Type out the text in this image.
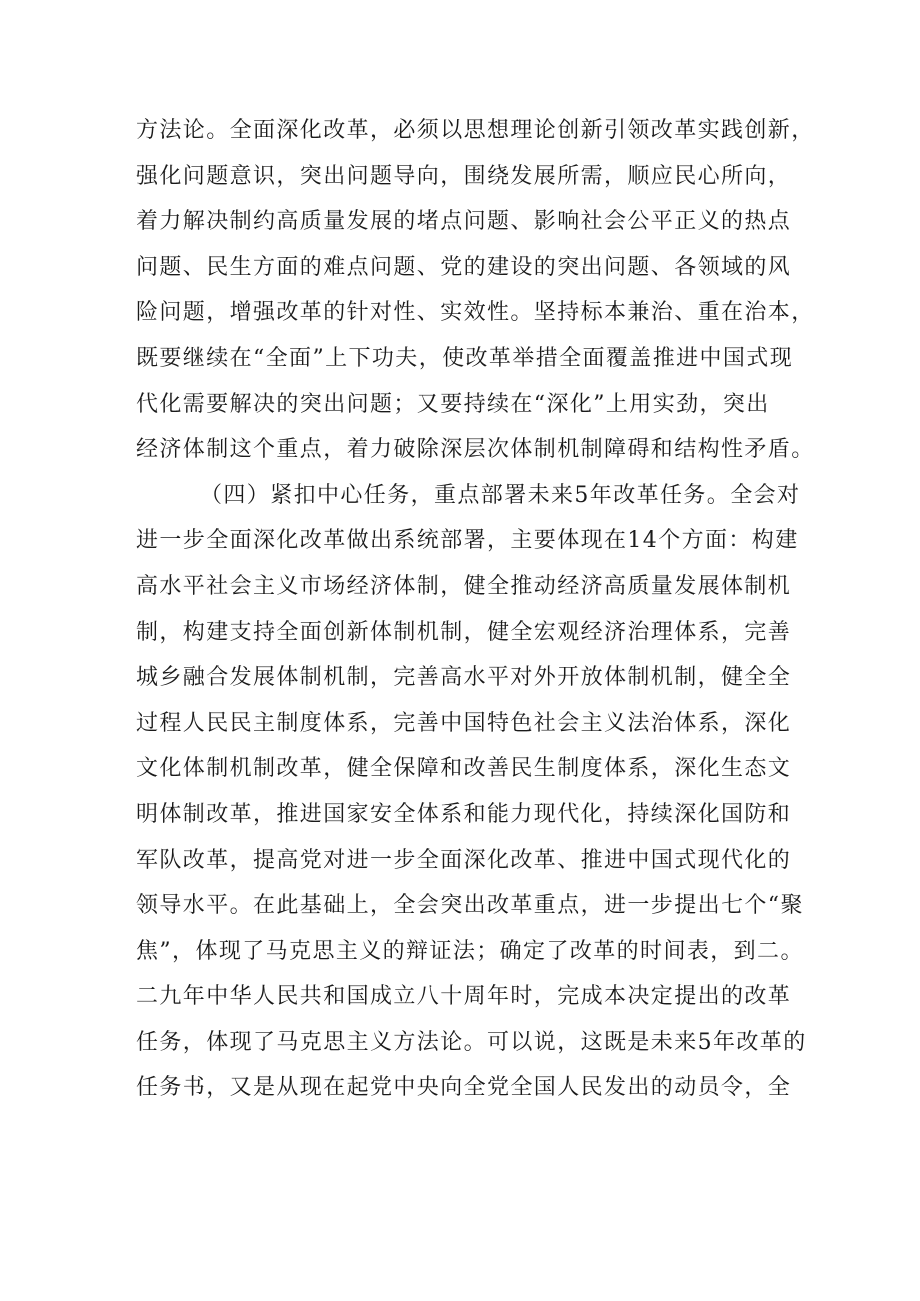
方法论。全面深化改革，必须以思想理论创新引领改革实践创新，
强化问题意识，突出问题导向，围绕发展所需，顺应民心所向，
着力解决制约高质量发展的堵点问题、影响社会公平正义的热点
问题、民生方面的难点问题、党的建设的突出问题、各领域的风
险问题，增强改革的针对性、实效性。坚持标本兼治、重在治本，
既要继续在“全面”上下功夫，使改革举措全面覆盖推进中国式现
代化需要解决的突出问题；又要持续在“深化”上用实劲，突出
经济体制这个重点，着力破除深层次体制机制障碍和结构性矛盾。
（四）紧扣中心任务，重点部署未来5年改革任务。全会对
进一步全面深化改革做出系统部署，主要体现在14个方面：构建
高水平社会主义市场经济体制，健全推动经济高质量发展体制机
制，构建支持全面创新体制机制，健全宏观经济治理体系，完善
城乡融合发展体制机制，完善高水平对外开放体制机制，健全全
过程人民民主制度体系，完善中国特色社会主义法治体系，深化
文化体制机制改革，健全保障和改善民生制度体系，深化生态文
明体制改革，推进国家安全体系和能力现代化，持续深化国防和
军队改革，提高党对进一步全面深化改革、推进中国式现代化的
领导水平。在此基础上，全会突出改革重点，进一步提出七个“聚
焦”，体现了马克思主义的辩证法；确定了改革的时间表，到二。
二九年中华人民共和国成立八十周年时，完成本决定提出的改革
任务，体现了马克思主义方法论。可以说，这既是未来5年改革的
任务书，又是从现在起党中央向全党全国人民发出的动员令，全
